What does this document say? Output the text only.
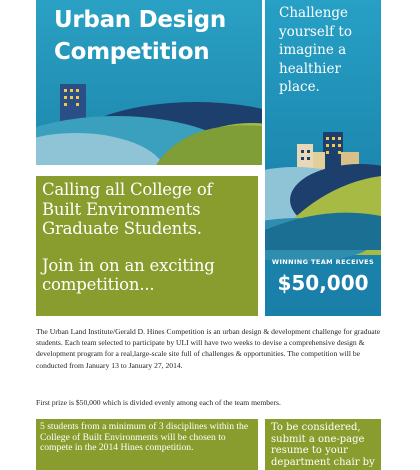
Urban Design Competition
Challenge yourself to imagine a healthier place.
WINNING TEAM RECEIVES
$50,000

Calling all College of Built Environments Graduate Students.

Join in on an exciting competition...

The Urban Land Institute/Gerald D. Hines Competition is an urban design & development challenge for graduate students. Each team selected to participate by ULI will have two weeks to devise a comprehensive design & development program for a real,large-scale site full of challenges & opportunities. The competition will be conducted from January 13 to January 27, 2014.

First prize is $50,000 which is divided evenly among each of the team members.

5 students from a minimum of 3 disciplines within the College of Built Environments will be chosen to compete in the 2014 Hines competition.
To be considered, submit a one-page resume to your department chair by
